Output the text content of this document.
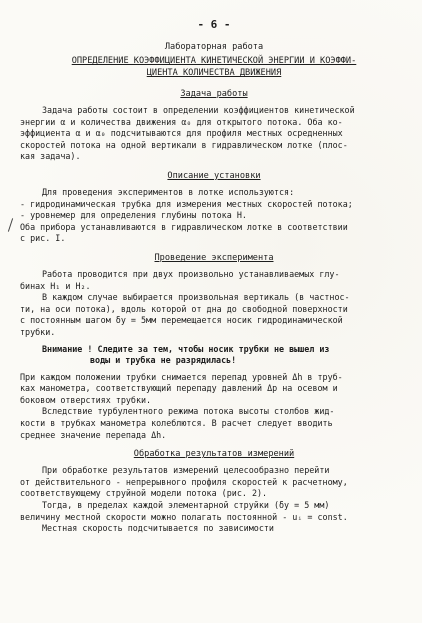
- 6 -
Лабораторная работа
ОПРЕДЕЛЕНИЕ КОЭФФИЦИЕНТА КИНЕТИЧЕСКОЙ ЭНЕРГИИ И КОЭФФИ-
ЦИЕНТА КОЛИЧЕСТВА ДВИЖЕНИЯ
Задача работы
Задача работы состоит в определении коэффициентов кинетической
энергии α и количества движения α₀ для открытого потока. Оба ко-
эффициента α и α₀ подсчитываются для профиля местных осредненных
скоростей потока на одной вертикали в гидравлическом лотке (плос-
кая задача).
Описание установки
Для проведения экспериментов в лотке используются:
- гидродинамическая трубка для измерения местных скоростей потока;
- уровнемер для определения глубины потока H.
Оба прибора устанавливаются в гидравлическом лотке в соответствии
с рис. I.
Проведение эксперимента
Работа проводится при двух произвольно устанавливаемых глу-
бинах H₁ и H₂.
В каждом случае выбирается произвольная вертикаль (в частнос-
ти, на оси потока), вдоль которой от дна до свободной поверхности
с постоянным шагом δy = 5мм перемещается носик гидродинамической
трубки.
Внимание ! Следите за тем, чтобы носик трубки не вышел из
воды и трубка не разрядилась!
При каждом положении трубки снимается перепад уровней Δh в труб-
ках манометра, соответствующий перепаду давлений Δp на осевом и
боковом отверстиях трубки.
Вследствие турбулентного режима потока высоты столбов жид-
кости в трубках манометра колеблются. В расчет следует вводить
среднее значение перепада Δh.
Обработка результатов измерений
При обработке результатов измерений целесообразно перейти
от действительного - непрерывного профиля скоростей к расчетному,
соответствующему струйной модели потока (рис. 2).
Тогда, в пределах каждой элементарной струйки (δy = 5 мм)
величину местной скорости можно полагать постоянной - uᵢ = const.
Местная скорость подсчитывается по зависимости
